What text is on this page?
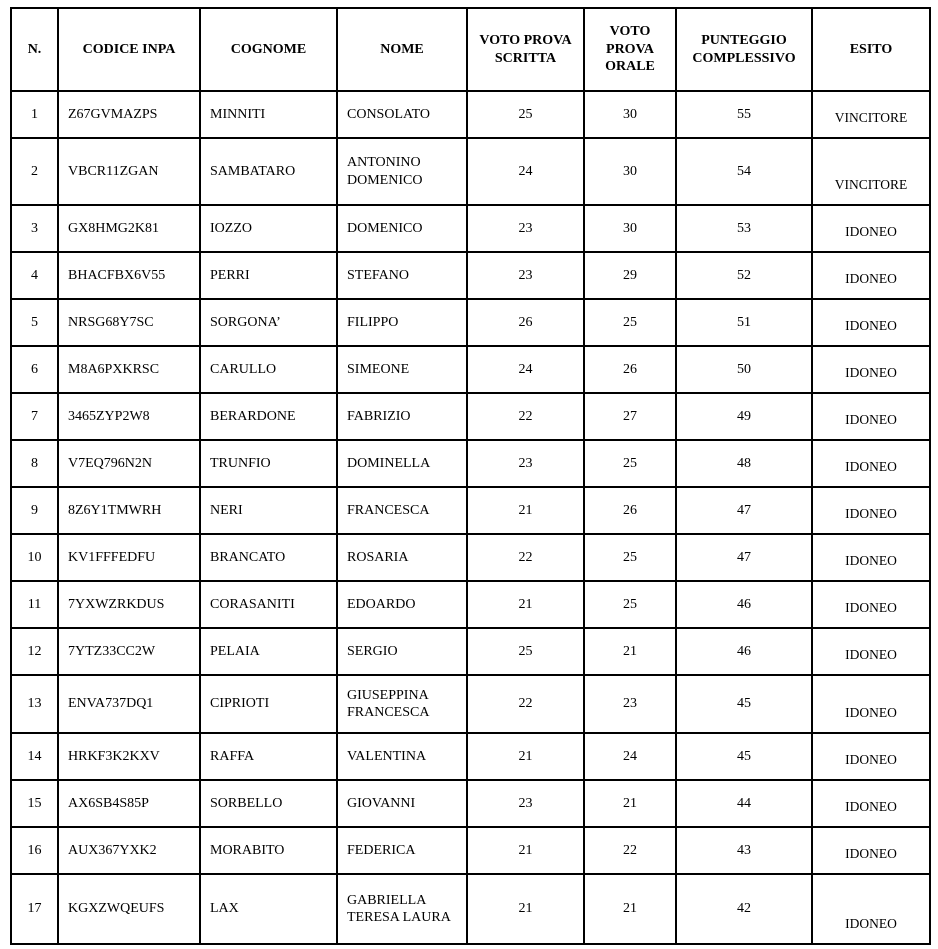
N.	CODICE INPA	COGNOME	NOME	VOTO PROVA SCRITTA	VOTO PROVA ORALE	PUNTEGGIO COMPLESSIVO	ESITO
1	Z67GVMAZPS	MINNITI	CONSOLATO	25	30	55	VINCITORE
2	VBCR11ZGAN	SAMBATARO	ANTONINO DOMENICO	24	30	54	VINCITORE
3	GX8HMG2K81	IOZZO	DOMENICO	23	30	53	IDONEO
4	BHACFBX6V55	PERRI	STEFANO	23	29	52	IDONEO
5	NRSG68Y7SC	SORGONA’	FILIPPO	26	25	51	IDONEO
6	M8A6PXKRSC	CARULLO	SIMEONE	24	26	50	IDONEO
7	3465ZYP2W8	BERARDONE	FABRIZIO	22	27	49	IDONEO
8	V7EQ796N2N	TRUNFIO	DOMINELLA	23	25	48	IDONEO
9	8Z6Y1TMWRH	NERI	FRANCESCA	21	26	47	IDONEO
10	KV1FFFEDFU	BRANCATO	ROSARIA	22	25	47	IDONEO
11	7YXWZRKDUS	CORASANITI	EDOARDO	21	25	46	IDONEO
12	7YTZ33CC2W	PELAIA	SERGIO	25	21	46	IDONEO
13	ENVA737DQ1	CIPRIOTI	GIUSEPPINA FRANCESCA	22	23	45	IDONEO
14	HRKF3K2KXV	RAFFA	VALENTINA	21	24	45	IDONEO
15	AX6SB4S85P	SORBELLO	GIOVANNI	23	21	44	IDONEO
16	AUX367YXK2	MORABITO	FEDERICA	21	22	43	IDONEO
17	KGXZWQEUFS	LAX	GABRIELLA TERESA LAURA	21	21	42	IDONEO
